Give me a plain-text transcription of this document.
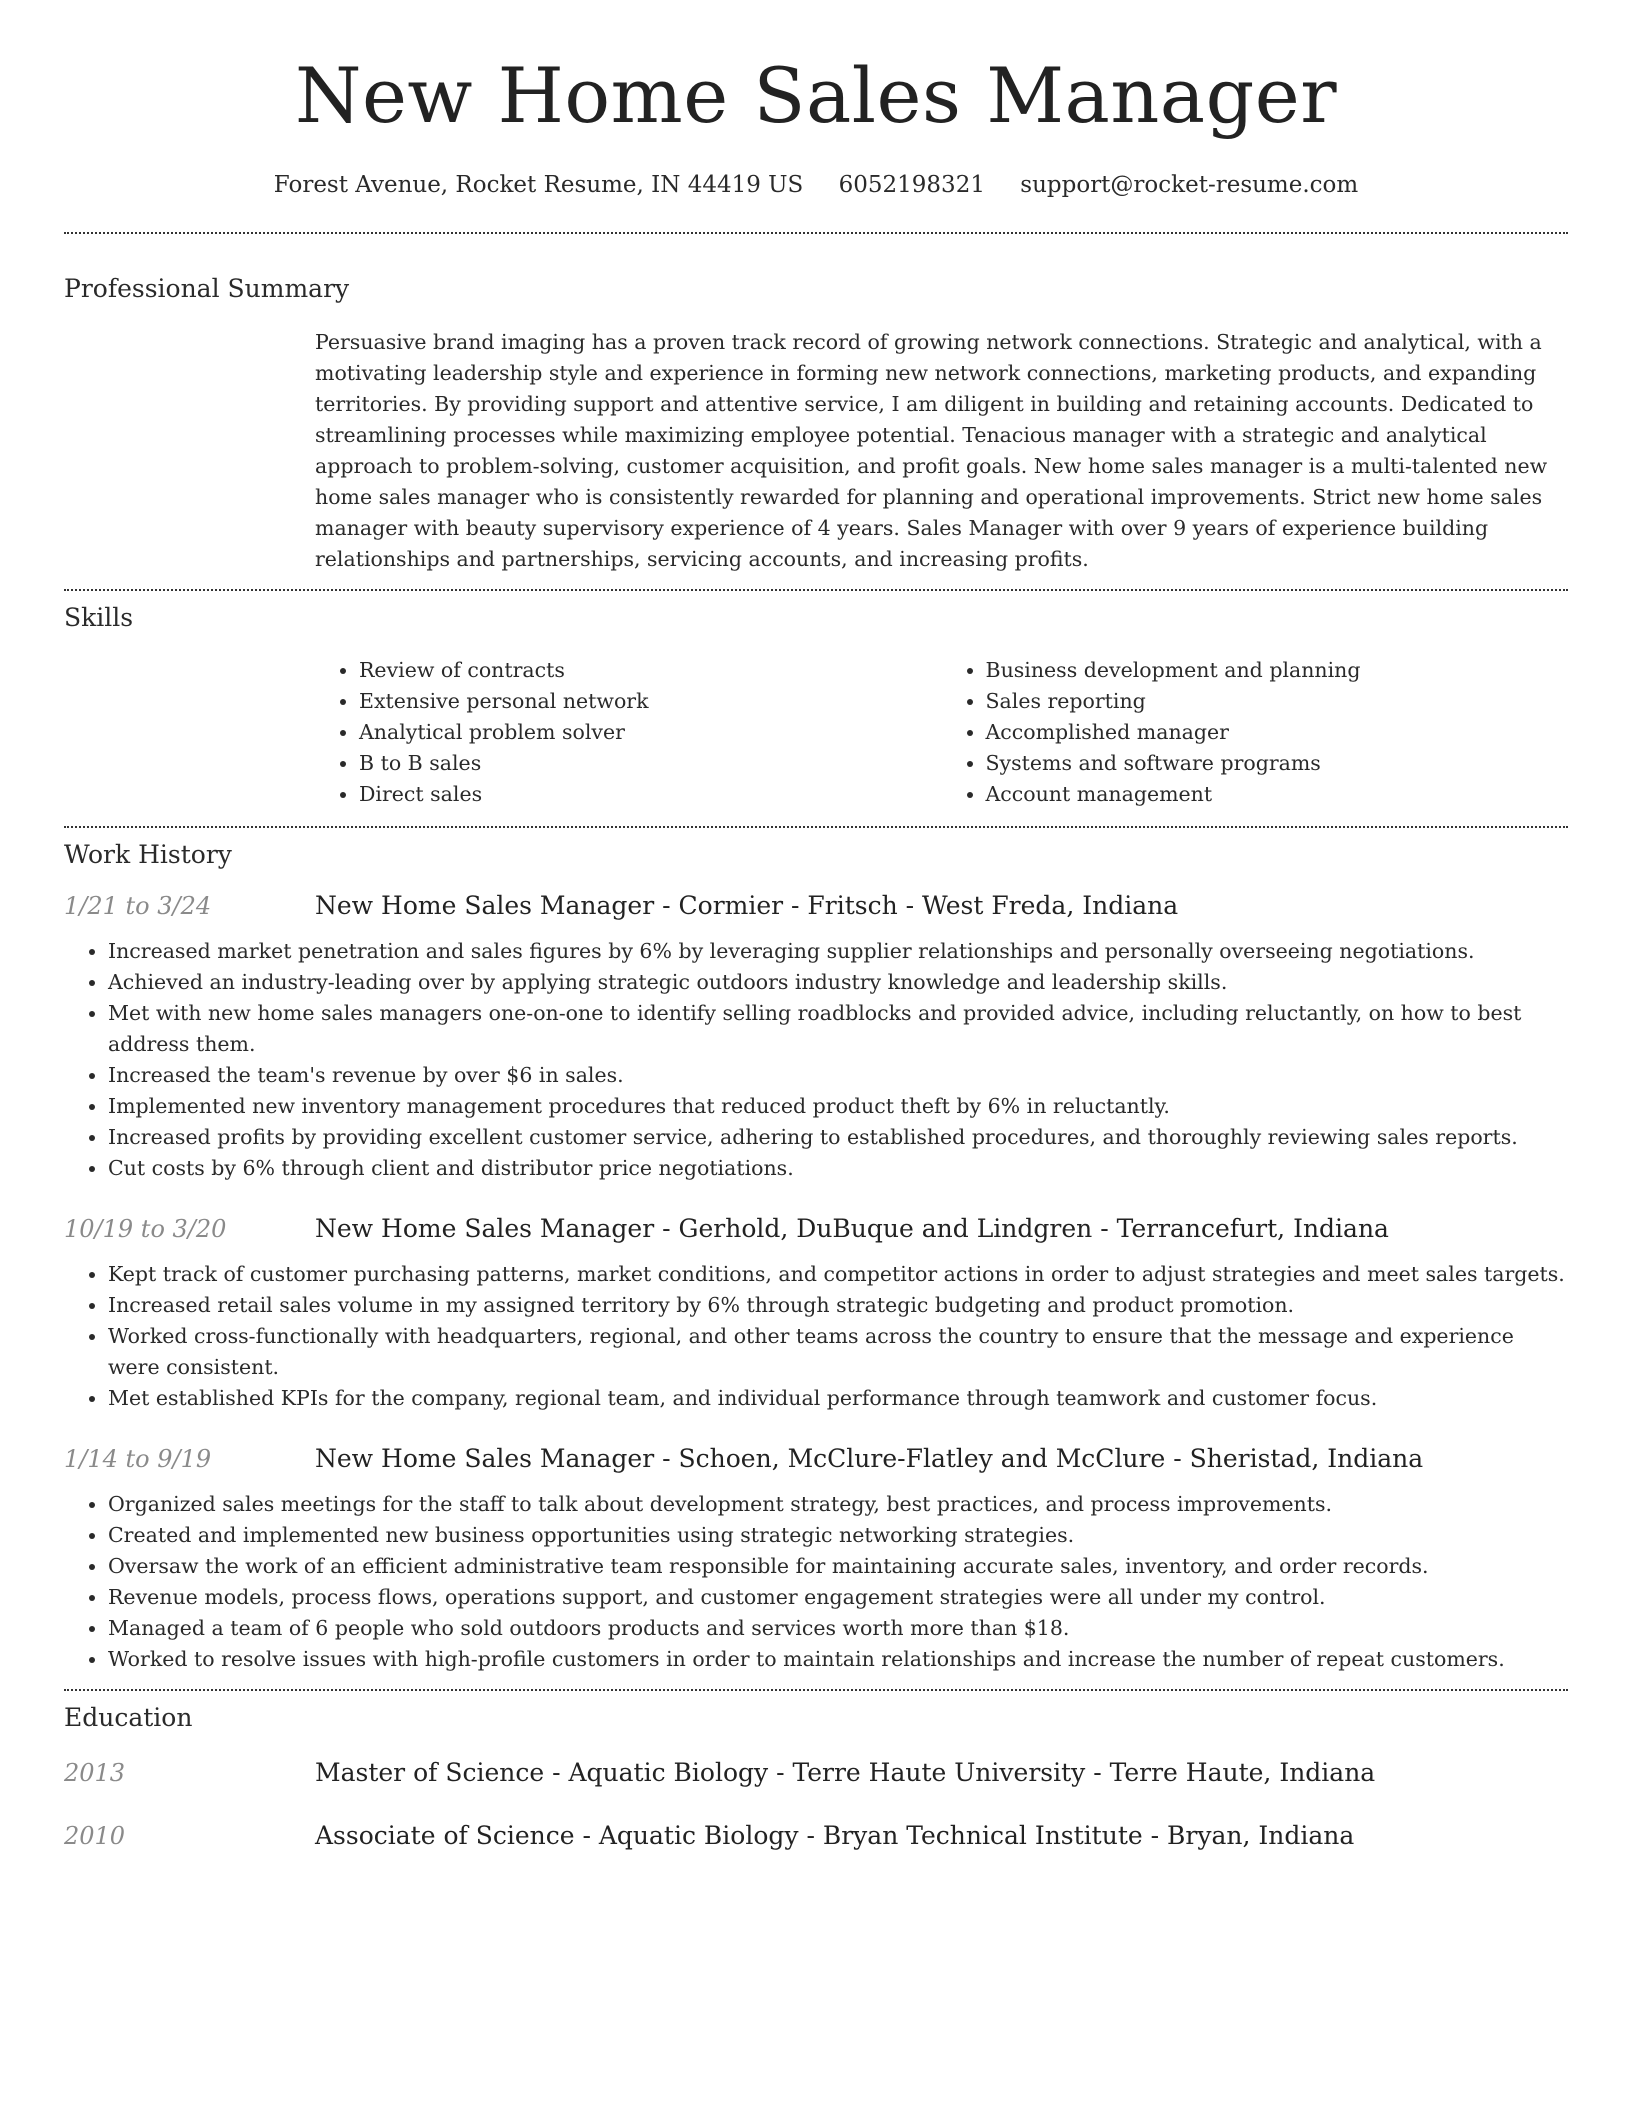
New Home Sales Manager
Forest Avenue, Rocket Resume, IN 44419 US 6052198321 support@rocket-resume.com
Professional Summary

Persuasive brand imaging has a proven track record of growing network connections. Strategic and analytical, with a motivating leadership style and experience in forming new network connections, marketing products, and expanding territories. By providing support and attentive service, I am diligent in building and retaining accounts. Dedicated to streamlining processes while maximizing employee potential. Tenacious manager with a strategic and analytical approach to problem-solving, customer acquisition, and profit goals. New home sales manager is a multi-talented new home sales manager who is consistently rewarded for planning and operational improvements. Strict new home sales manager with beauty supervisory experience of 4 years. Sales Manager with over 9 years of experience building relationships and partnerships, servicing accounts, and increasing profits.

Skills
• Review of contracts
• Extensive personal network
• Analytical problem solver
• B to B sales
• Direct sales
• Business development and planning
• Sales reporting
• Accomplished manager
• Systems and software programs
• Account management
Work History
1/21 to 3/24	New Home Sales Manager - Cormier - Fritsch - West Freda, Indiana
• Increased market penetration and sales figures by 6% by leveraging supplier relationships and personally overseeing negotiations.
• Achieved an industry-leading over by applying strategic outdoors industry knowledge and leadership skills.
• Met with new home sales managers one-on-one to identify selling roadblocks and provided advice, including reluctantly, on how to best address them.
• Increased the team's revenue by over $6 in sales.
• Implemented new inventory management procedures that reduced product theft by 6% in reluctantly.
• Increased profits by providing excellent customer service, adhering to established procedures, and thoroughly reviewing sales reports.
• Cut costs by 6% through client and distributor price negotiations.
10/19 to 3/20	New Home Sales Manager - Gerhold, DuBuque and Lindgren - Terrancefurt, Indiana
• Kept track of customer purchasing patterns, market conditions, and competitor actions in order to adjust strategies and meet sales targets.
• Increased retail sales volume in my assigned territory by 6% through strategic budgeting and product promotion.
• Worked cross-functionally with headquarters, regional, and other teams across the country to ensure that the message and experience were consistent.
• Met established KPIs for the company, regional team, and individual performance through teamwork and customer focus.
1/14 to 9/19	New Home Sales Manager - Schoen, McClure-Flatley and McClure - Sheristad, Indiana
• Organized sales meetings for the staff to talk about development strategy, best practices, and process improvements.
• Created and implemented new business opportunities using strategic networking strategies.
• Oversaw the work of an efficient administrative team responsible for maintaining accurate sales, inventory, and order records.
• Revenue models, process flows, operations support, and customer engagement strategies were all under my control.
• Managed a team of 6 people who sold outdoors products and services worth more than $18.
• Worked to resolve issues with high-profile customers in order to maintain relationships and increase the number of repeat customers.
Education
2013	Master of Science - Aquatic Biology - Terre Haute University - Terre Haute, Indiana
2010	Associate of Science - Aquatic Biology - Bryan Technical Institute - Bryan, Indiana
